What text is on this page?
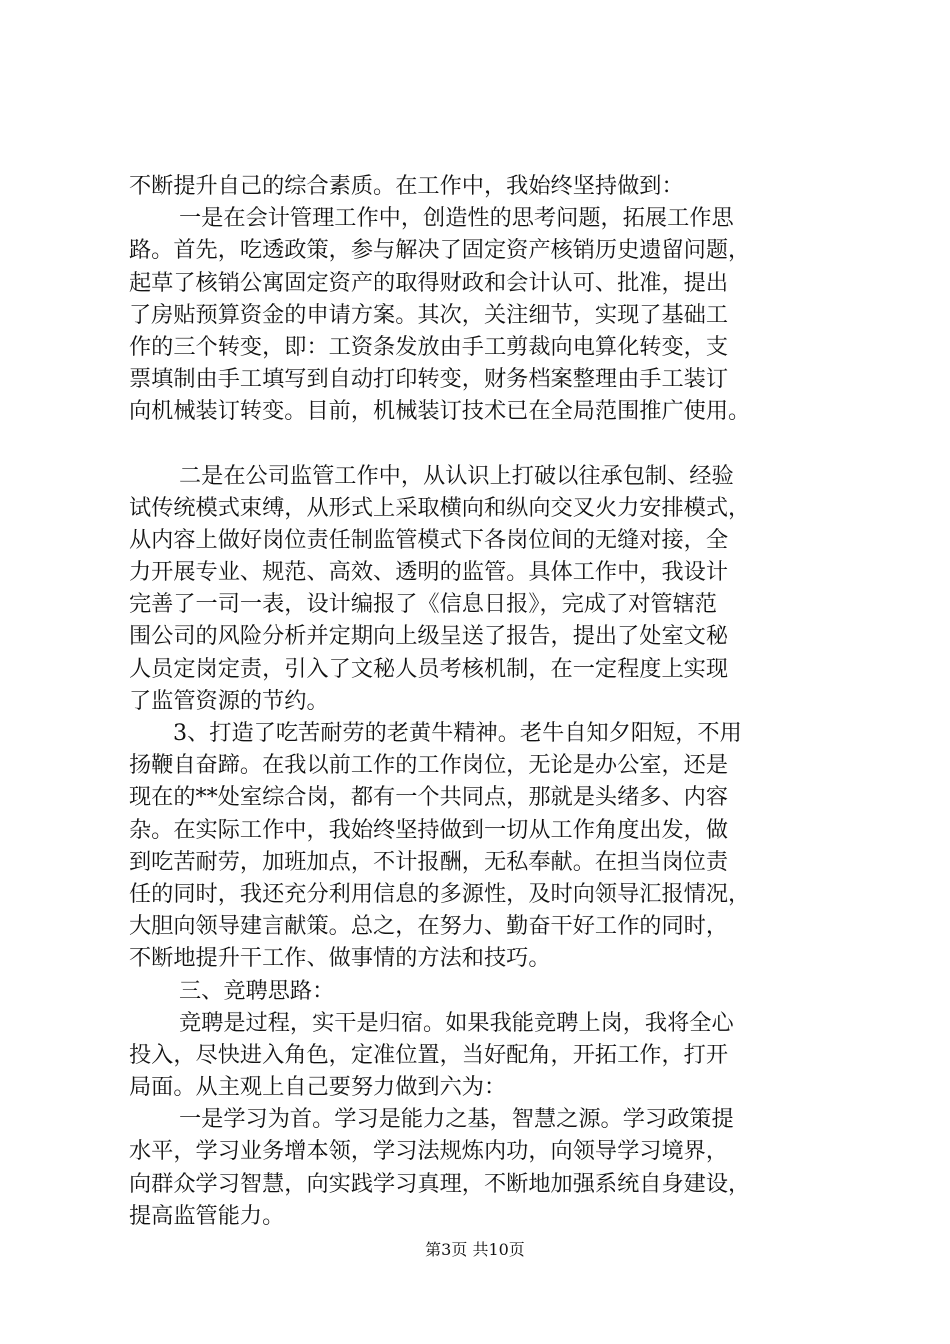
不断提升自己的综合素质。在工作中，我始终坚持做到：
一是在会计管理工作中，创造性的思考问题，拓展工作思
路。首先，吃透政策，参与解决了固定资产核销历史遗留问题，
起草了核销公寓固定资产的取得财政和会计认可、批准，提出
了房贴预算资金的申请方案。其次，关注细节，实现了基础工
作的三个转变，即：工资条发放由手工剪裁向电算化转变，支
票填制由手工填写到自动打印转变，财务档案整理由手工装订
向机械装订转变。目前，机械装订技术已在全局范围推广使用。
二是在公司监管工作中，从认识上打破以往承包制、经验
试传统模式束缚，从形式上采取横向和纵向交叉火力安排模式，
从内容上做好岗位责任制监管模式下各岗位间的无缝对接，全
力开展专业、规范、高效、透明的监管。具体工作中，我设计
完善了一司一表，设计编报了《信息日报》，完成了对管辖范
围公司的风险分析并定期向上级呈送了报告，提出了处室文秘
人员定岗定责，引入了文秘人员考核机制，在一定程度上实现
了监管资源的节约。
3、打造了吃苦耐劳的老黄牛精神。老牛自知夕阳短，不用
扬鞭自奋蹄。在我以前工作的工作岗位，无论是办公室，还是
现在的**处室综合岗，都有一个共同点，那就是头绪多、内容
杂。在实际工作中，我始终坚持做到一切从工作角度出发，做
到吃苦耐劳，加班加点，不计报酬，无私奉献。在担当岗位责
任的同时，我还充分利用信息的多源性，及时向领导汇报情况，
大胆向领导建言献策。总之，在努力、勤奋干好工作的同时，
不断地提升干工作、做事情的方法和技巧。
三、竞聘思路：
竞聘是过程，实干是归宿。如果我能竞聘上岗，我将全心
投入，尽快进入角色，定准位置，当好配角，开拓工作，打开
局面。从主观上自己要努力做到六为：
一是学习为首。学习是能力之基，智慧之源。学习政策提
水平，学习业务增本领，学习法规炼内功，向领导学习境界，
向群众学习智慧，向实践学习真理，不断地加强系统自身建设，
提高监管能力。
第3页 共10页
